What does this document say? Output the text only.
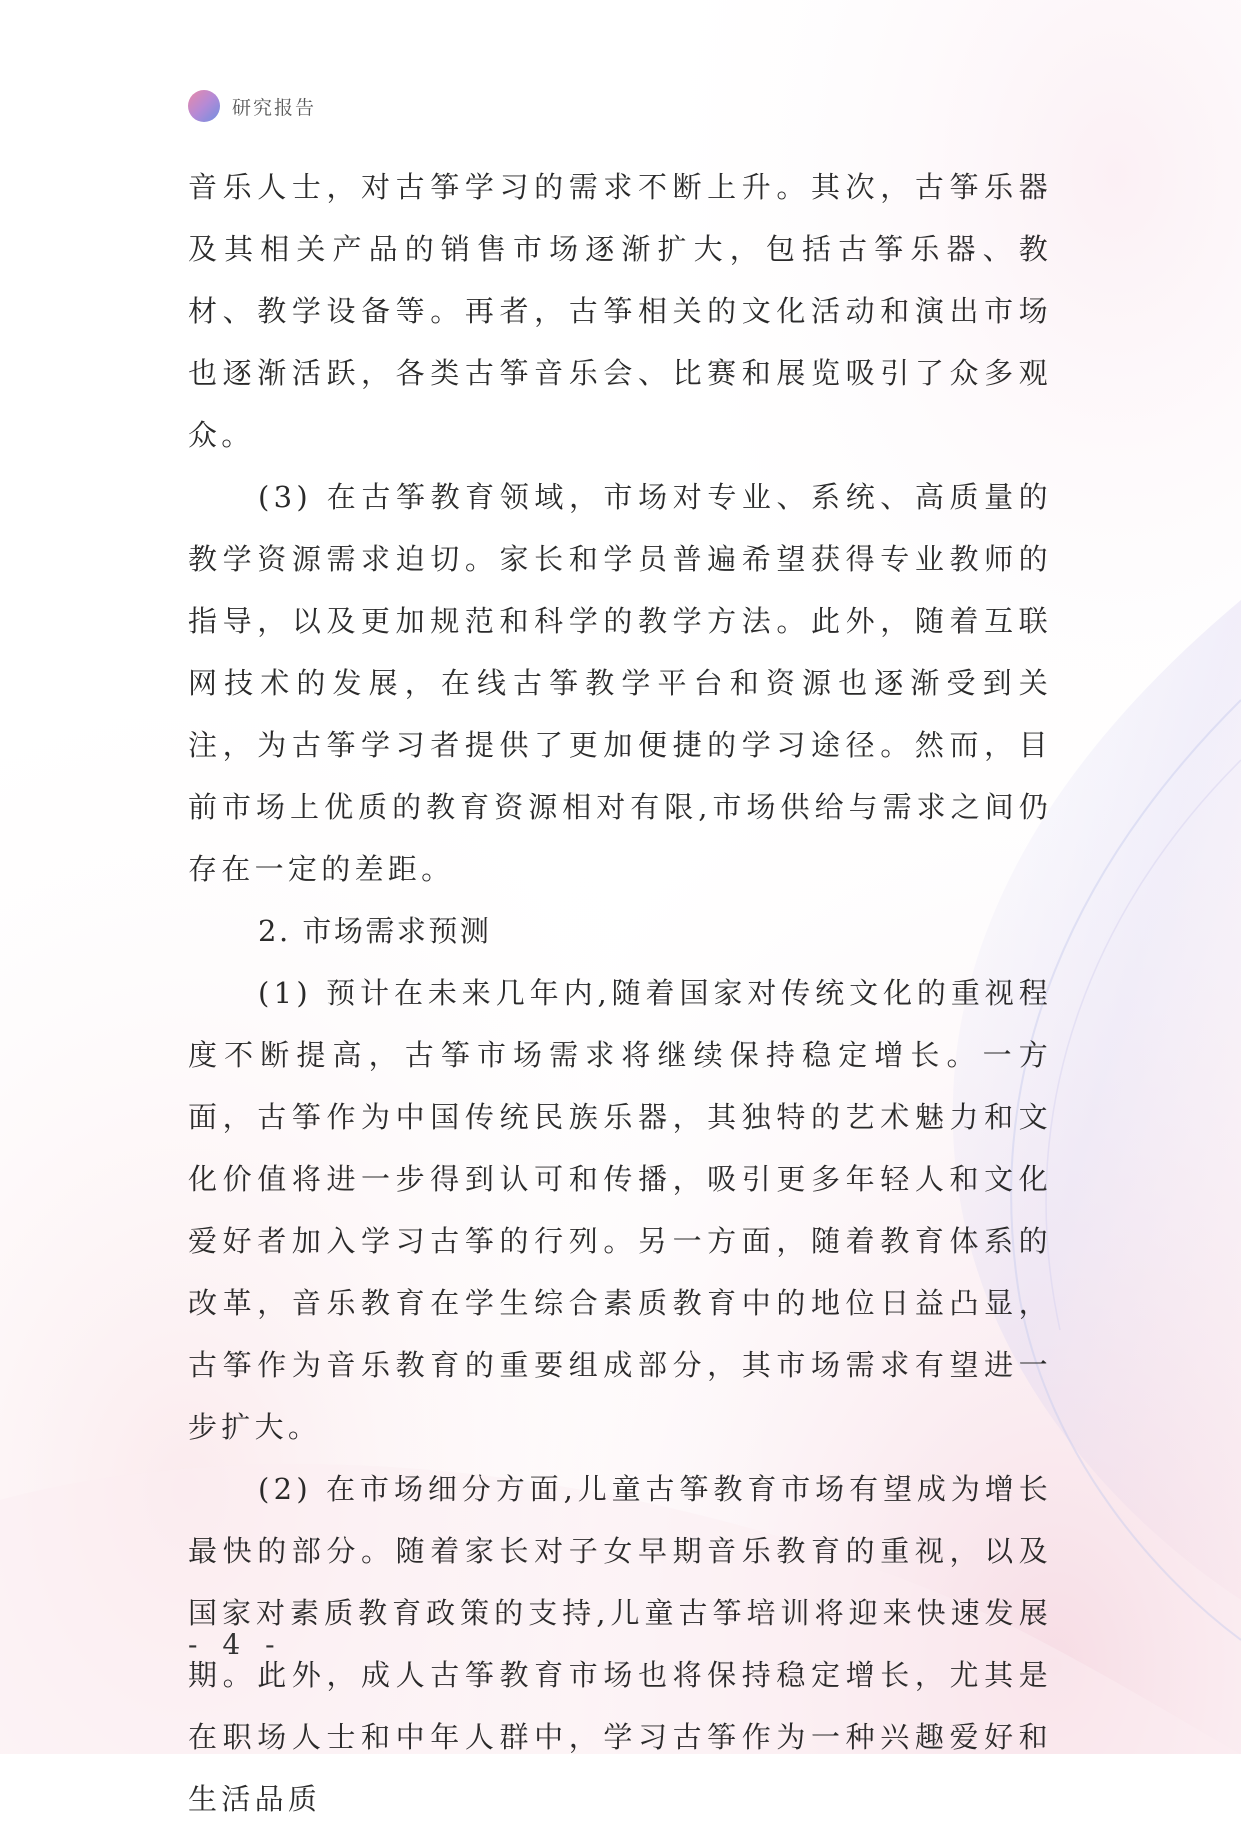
研究报告

音乐人士，对古筝学习的需求不断上升。其次，古筝乐器及其相关产品的销售市场逐渐扩大，包括古筝乐器、教材、教学设备等。再者，古筝相关的文化活动和演出市场也逐渐活跃，各类古筝音乐会、比赛和展览吸引了众多观众。

(3) 在古筝教育领域，市场对专业、系统、高质量的教学资源需求迫切。家长和学员普遍希望获得专业教师的指导，以及更加规范和科学的教学方法。此外，随着互联网技术的发展，在线古筝教学平台和资源也逐渐受到关注，为古筝学习者提供了更加便捷的学习途径。然而，目前市场上优质的教育资源相对有限,市场供给与需求之间仍存在一定的差距。

2. 市场需求预测

(1) 预计在未来几年内,随着国家对传统文化的重视程度不断提高，古筝市场需求将继续保持稳定增长。一方面，古筝作为中国传统民族乐器，其独特的艺术魅力和文化价值将进一步得到认可和传播，吸引更多年轻人和文化爱好者加入学习古筝的行列。另一方面，随着教育体系的改革，音乐教育在学生综合素质教育中的地位日益凸显，古筝作为音乐教育的重要组成部分，其市场需求有望进一步扩大。

(2) 在市场细分方面,儿童古筝教育市场有望成为增长最快的部分。随着家长对子女早期音乐教育的重视，以及国家对素质教育政策的支持,儿童古筝培训将迎来快速发展期。此外，成人古筝教育市场也将保持稳定增长，尤其是在职场人士和中年人群中，学习古筝作为一种兴趣爱好和生活品质

- 4 -
